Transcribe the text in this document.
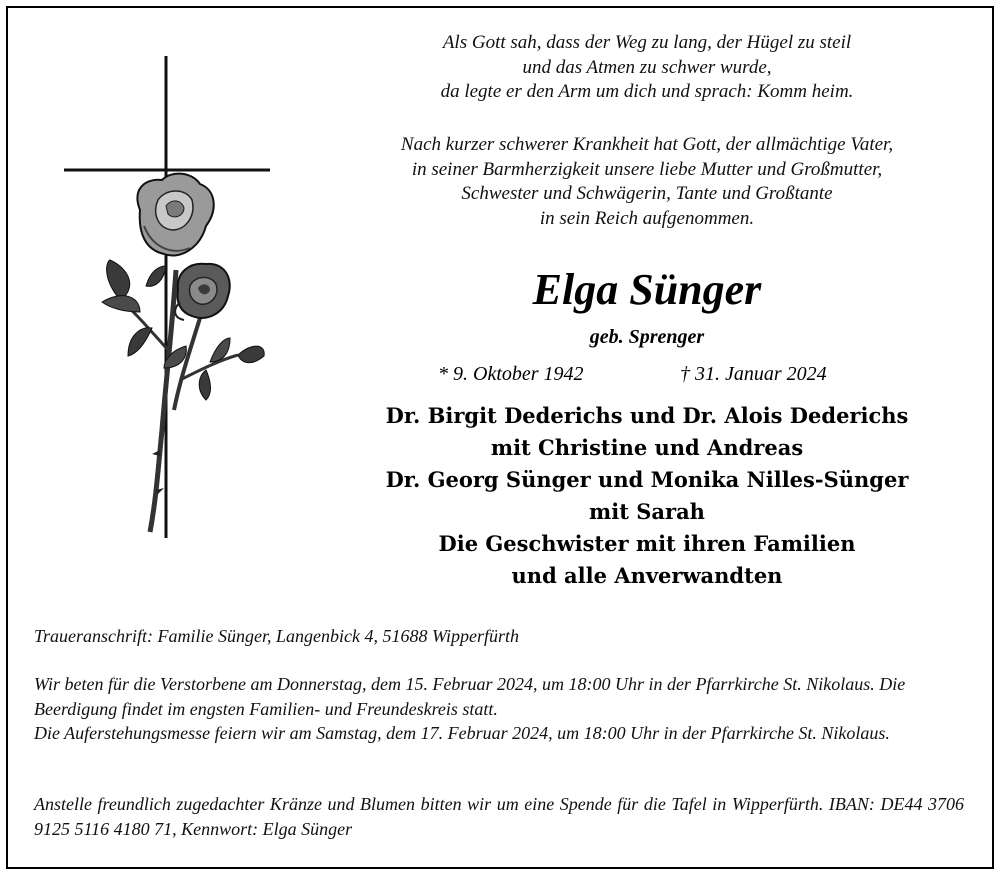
Als Gott sah, dass der Weg zu lang, der Hügel zu steil

und das Atmen zu schwer wurde,

da legte er den Arm um dich und sprach: Komm heim.

Nach kurzer schwerer Krankheit hat Gott, der allmächtige Vater,

in seiner Barmherzigkeit unsere liebe Mutter und Großmutter,

Schwester und Schwägerin, Tante und Großtante

in sein Reich aufgenommen.

Elga Sünger
geb. Sprenger
* 9. Oktober 1942	† 31. Januar 2024
Dr. Birgit Dederichs und Dr. Alois Dederichs
mit Christine und Andreas
Dr. Georg Sünger und Monika Nilles-Sünger
mit Sarah
Die Geschwister mit ihren Familien
und alle Anverwandten

Traueranschrift: Familie Sünger, Langenbick 4, 51688 Wipperfürth

Wir beten für die Verstorbene am Donnerstag, dem 15. Februar 2024, um 18:00 Uhr in der Pfarrkirche St. Nikolaus. Die Beerdigung findet im engsten Familien- und Freundeskreis statt.

Die Auferstehungsmesse feiern wir am Samstag, dem 17. Februar 2024, um 18:00 Uhr in der Pfarrkirche St. Nikolaus.

Anstelle freundlich zugedachter Kränze und Blumen bitten wir um eine Spende für die Tafel in Wipperfürth. IBAN: DE44 3706 9125 5116 4180 71, Kennwort: Elga Sünger
